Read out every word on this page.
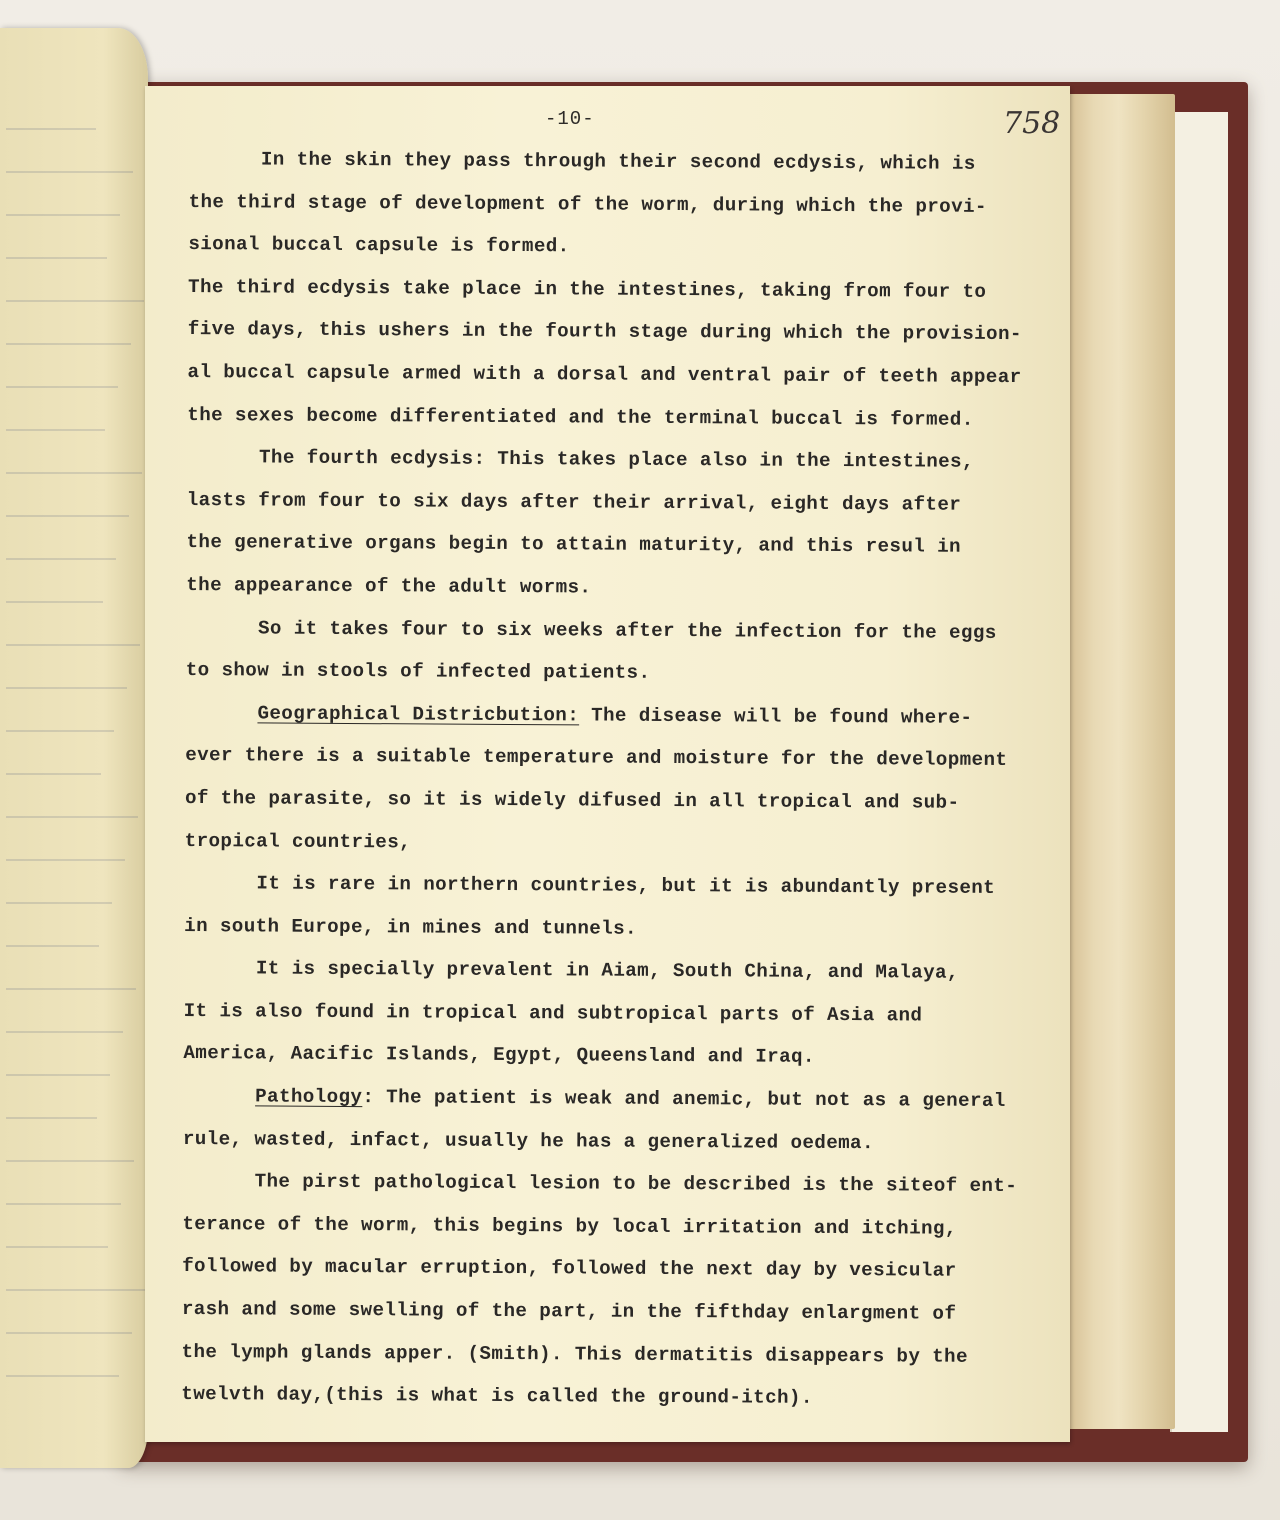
-10-	758
In the skin they pass through their second ecdysis, which is
the third stage of development of the worm, during which the provi-
sional buccal capsule is formed.
The third ecdysis take place in the intestines, taking from four to
five days, this ushers in the fourth stage during which the provision-
al buccal capsule armed with a dorsal and ventral pair of teeth appear
the sexes become differentiated and the terminal buccal is formed.
The fourth ecdysis: This takes place also in the intestines,
lasts from four to six days after their arrival, eight days after
the generative organs begin to attain maturity, and this resul in
the appearance of the adult worms.
So it takes four to six weeks after the infection for the eggs
to show in stools of infected patients.
Geographical Districbution: The disease will be found where-
ever there is a suitable temperature and moisture for the development
of the parasite, so it is widely difused in all tropical and sub-
tropical countries,
It is rare in northern countries, but it is abundantly present
in south Europe, in mines and tunnels.
It is specially prevalent in Aiam, South China, and Malaya,
It is also found in tropical and subtropical parts of Asia and
America, Aacific Islands, Egypt, Queensland and Iraq.
Pathology: The patient is weak and anemic, but not as a general
rule, wasted, infact, usually he has a generalized oedema.
The pirst pathological lesion to be described is the siteof ent-
terance of the worm, this begins by local irritation and itching,
followed by macular erruption, followed the next day by vesicular
rash and some swelling of the part, in the fifthday enlargment of
the lymph glands apper. (Smith). This dermatitis disappears by the
twelvth day,(this is what is called the ground-itch).
